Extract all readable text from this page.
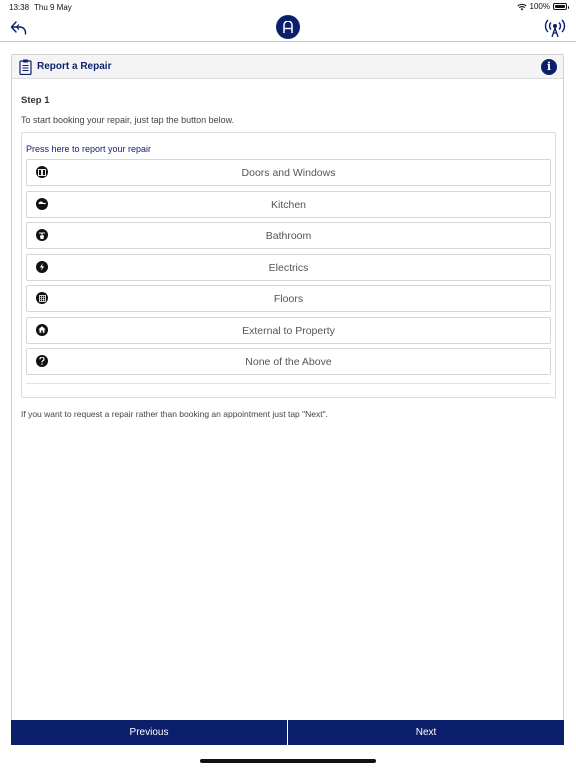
13:38 Thu 9 May	100%
Report a Repair	i
Step 1
To start booking your repair, just tap the button below.
Press here to report your repair
Doors and Windows
Kitchen
Bathroom
Electrics
Floors
External to Property
None of the Above
If you want to request a repair rather than booking an appointment just tap "Next".
Previous	Next
